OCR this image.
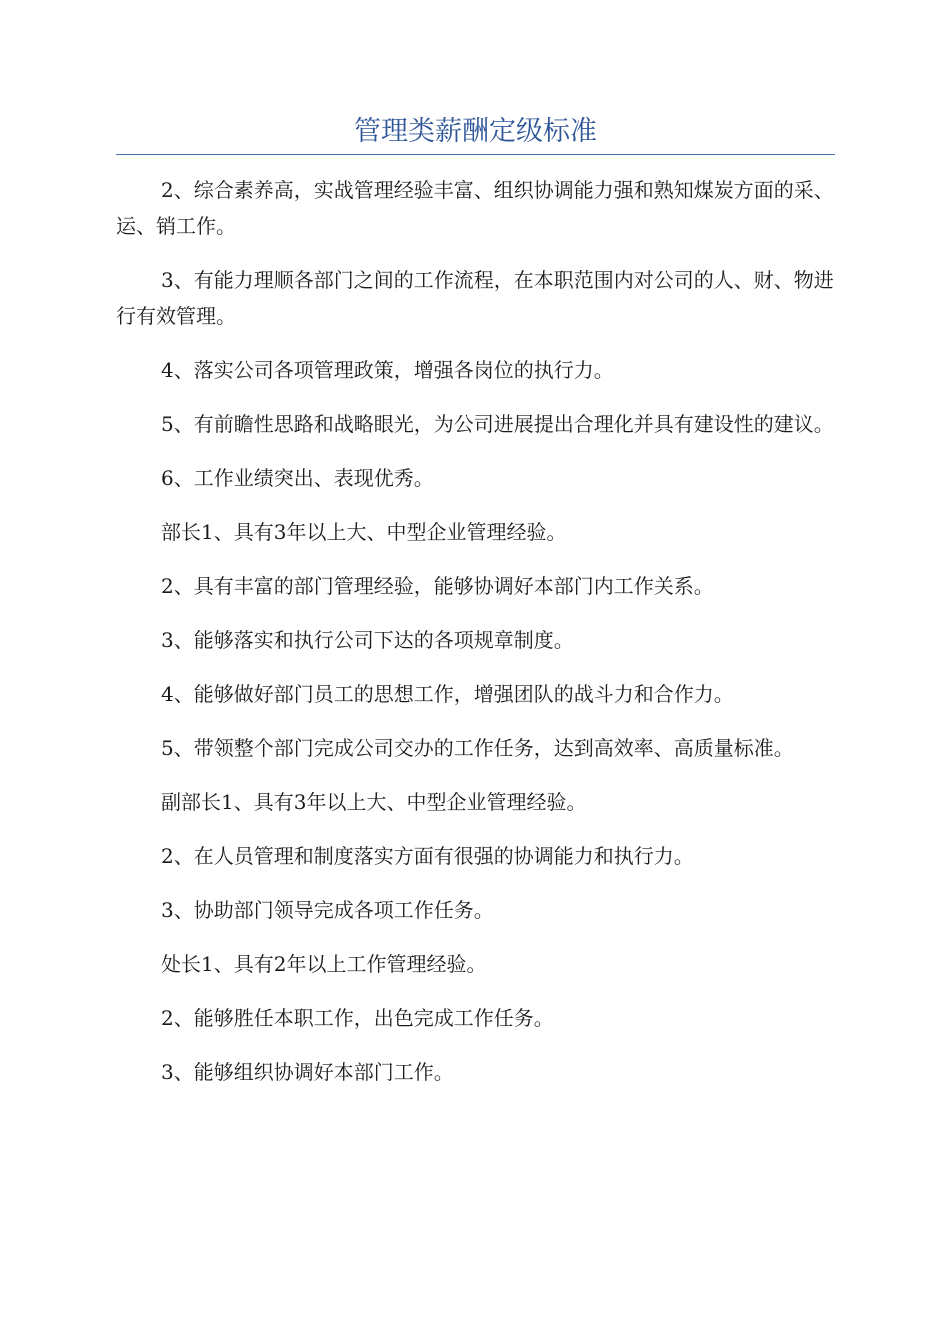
管理类薪酬定级标准

2、综合素养高，实战管理经验丰富、组织协调能力强和熟知煤炭方面的采、运、销工作。

3、有能力理顺各部门之间的工作流程，在本职范围内对公司的人、财、物进行有效管理。

4、落实公司各项管理政策，增强各岗位的执行力。

5、有前瞻性思路和战略眼光，为公司进展提出合理化并具有建设性的建议。

6、工作业绩突出、表现优秀。

部长1、具有3年以上大、中型企业管理经验。

2、具有丰富的部门管理经验，能够协调好本部门内工作关系。

3、能够落实和执行公司下达的各项规章制度。

4、能够做好部门员工的思想工作，增强团队的战斗力和合作力。

5、带领整个部门完成公司交办的工作任务，达到高效率、高质量标准。

副部长1、具有3年以上大、中型企业管理经验。

2、在人员管理和制度落实方面有很强的协调能力和执行力。

3、协助部门领导完成各项工作任务。

处长1、具有2年以上工作管理经验。

2、能够胜任本职工作，出色完成工作任务。

3、能够组织协调好本部门工作。
